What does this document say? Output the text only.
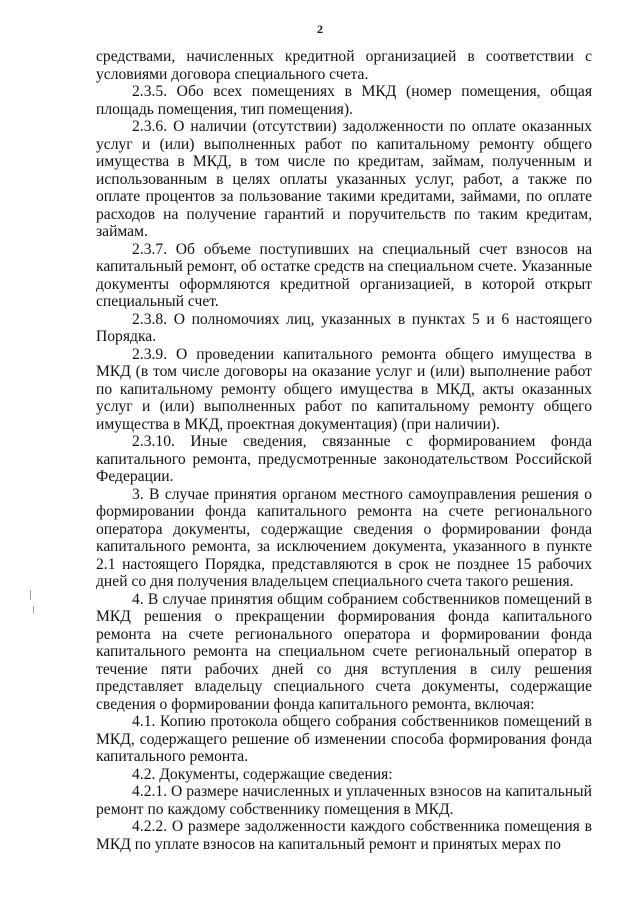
2

средствами, начисленных кредитной организацией в соответствии с условиями договора специального счета.

2.3.5. Обо всех помещениях в МКД (номер помещения, общая площадь помещения, тип помещения).

2.3.6. О наличии (отсутствии) задолженности по оплате оказанных услуг и (или) выполненных работ по капитальному ремонту общего имущества в МКД, в том числе по кредитам, займам, полученным и использованным в целях оплаты указанных услуг, работ, а также по оплате процентов за пользование такими кредитами, займами, по оплате расходов на получение гарантий и поручительств по таким кредитам, займам.

2.3.7. Об объеме поступивших на специальный счет взносов на капитальный ремонт, об остатке средств на специальном счете. Указанные документы оформляются кредитной организацией, в которой открыт специальный счет.

2.3.8. О полномочиях лиц, указанных в пунктах 5 и 6 настоящего Порядка.

2.3.9. О проведении капитального ремонта общего имущества в МКД (в том числе договоры на оказание услуг и (или) выполнение работ по капитальному ремонту общего имущества в МКД, акты оказанных услуг и (или) выполненных работ по капитальному ремонту общего имущества в МКД, проектная документация) (при наличии).

2.3.10. Иные сведения, связанные с формированием фонда капитального ремонта, предусмотренные законодательством Российской Федерации.

3. В случае принятия органом местного самоуправления решения о формировании фонда капитального ремонта на счете регионального оператора документы, содержащие сведения о формировании фонда капитального ремонта, за исключением документа, указанного в пункте 2.1 настоящего Порядка, представляются в срок не позднее 15 рабочих дней со дня получения владельцем специального счета такого решения.

4. В случае принятия общим собранием собственников помещений в МКД решения о прекращении формирования фонда капитального ремонта на счете регионального оператора и формировании фонда капитального ремонта на специальном счете региональный оператор в течение пяти рабочих дней со дня вступления в силу решения представляет владельцу специального счета документы, содержащие сведения о формировании фонда капитального ремонта, включая:

4.1. Копию протокола общего собрания собственников помещений в МКД, содержащего решение об изменении способа формирования фонда капитального ремонта.

4.2. Документы, содержащие сведения:

4.2.1. О размере начисленных и уплаченных взносов на капитальный ремонт по каждому собственнику помещения в МКД.

4.2.2. О размере задолженности каждого собственника помещения в МКД по уплате взносов на капитальный ремонт и принятых мерах по
